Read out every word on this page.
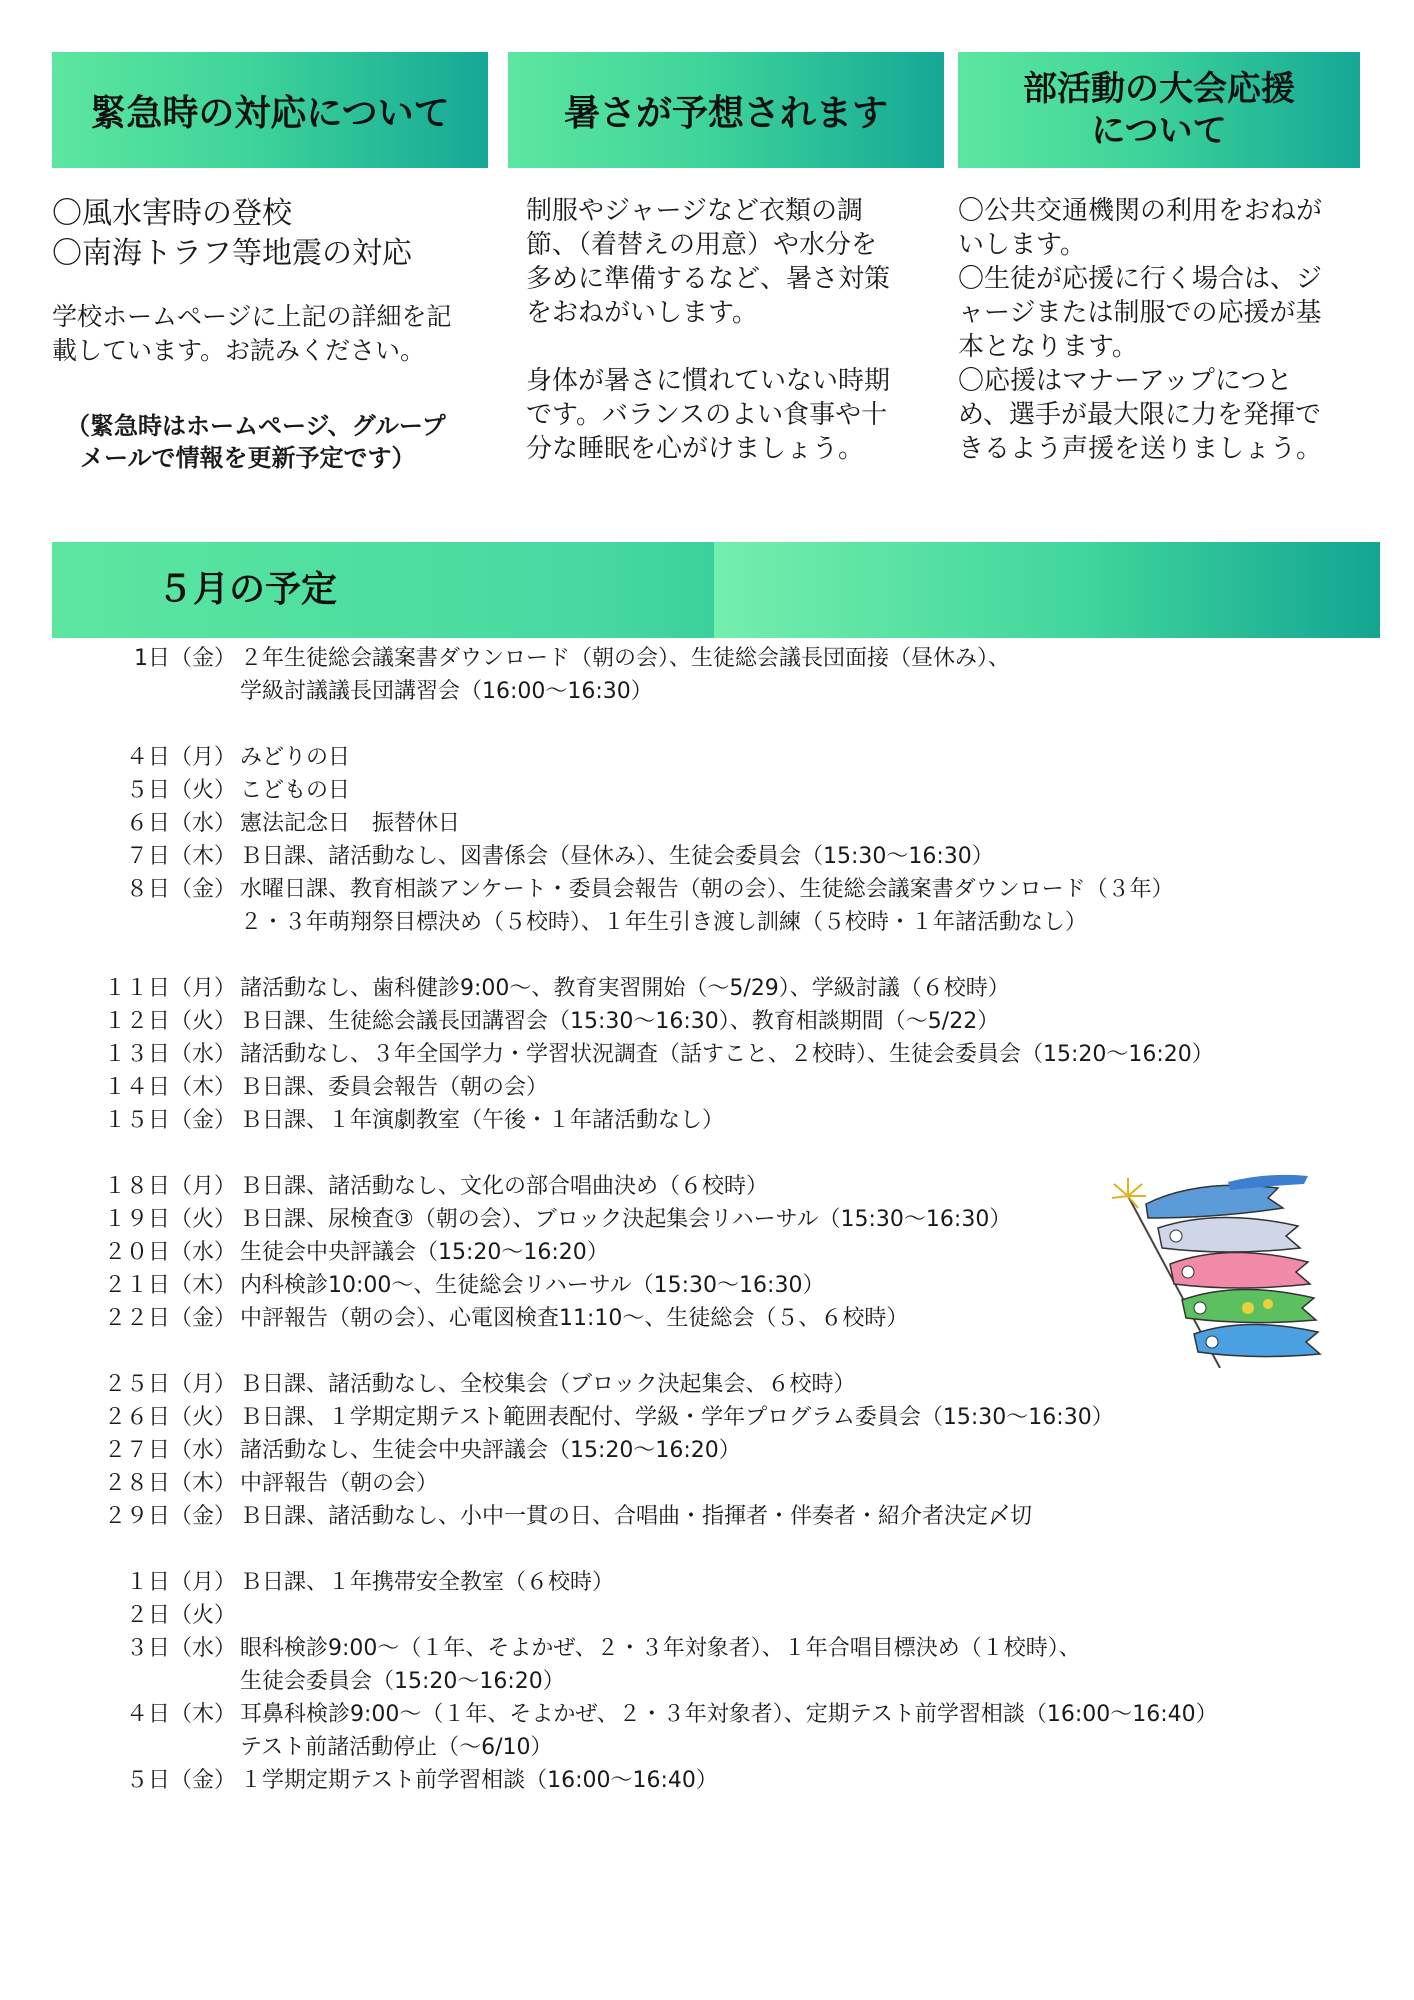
緊急時の対応について	暑さが予想されます
部活動の大会応援
について
〇風水害時の登校
〇南海トラフ等地震の対応
学校ホームページに上記の詳細を記
載しています。お読みください。
（緊急時はホームページ、グループ
メールで情報を更新予定です）
制服やジャージなど衣類の調
節、（着替えの用意）や水分を
多めに準備するなど、暑さ対策
をおねがいします。
身体が暑さに慣れていない時期
です。バランスのよい食事や十
分な睡眠を心がけましょう。
〇公共交通機関の利用をおねが
いします。
〇生徒が応援に行く場合は、ジ
ャージまたは制服での応援が基
本となります。
〇応援はマナーアップにつと
め、選手が最大限に力を発揮で
きるよう声援を送りましょう。
５月の予定
1日（金） ２年生徒総会議案書ダウンロード（朝の会）、生徒総会議長団面接（昼休み）、
学級討議議長団講習会（16:00～16:30）
４日（月） みどりの日
５日（火） こどもの日
６日（水） 憲法記念日　振替休日
７日（木） Ｂ日課、諸活動なし、図書係会（昼休み）、生徒会委員会（15:30～16:30）
８日（金） 水曜日課、教育相談アンケート・委員会報告（朝の会）、生徒総会議案書ダウンロード（３年）
２・３年萌翔祭目標決め（５校時）、１年生引き渡し訓練（５校時・１年諸活動なし）
１１日（月） 諸活動なし、歯科健診9:00～、教育実習開始（～5/29）、学級討議（６校時）
１２日（火） Ｂ日課、生徒総会議長団講習会（15:30～16:30）、教育相談期間（～5/22）
１３日（水） 諸活動なし、３年全国学力・学習状況調査（話すこと、２校時）、生徒会委員会（15:20～16:20）
１４日（木） Ｂ日課、委員会報告（朝の会）
１５日（金） Ｂ日課、１年演劇教室（午後・１年諸活動なし）
１８日（月） Ｂ日課、諸活動なし、文化の部合唱曲決め（６校時）
１９日（火） Ｂ日課、尿検査③（朝の会）、ブロック決起集会リハーサル（15:30～16:30）
２０日（水） 生徒会中央評議会（15:20～16:20）
２１日（木） 内科検診10:00～、生徒総会リハーサル（15:30～16:30）
２２日（金） 中評報告（朝の会）、心電図検査11:10～、生徒総会（５、６校時）
２５日（月） Ｂ日課、諸活動なし、全校集会（ブロック決起集会、６校時）
２６日（火） Ｂ日課、１学期定期テスト範囲表配付、学級・学年プログラム委員会（15:30～16:30）
２７日（水） 諸活動なし、生徒会中央評議会（15:20～16:20）
２８日（木） 中評報告（朝の会）
２９日（金） Ｂ日課、諸活動なし、小中一貫の日、合唱曲・指揮者・伴奏者・紹介者決定〆切
１日（月） Ｂ日課、１年携帯安全教室（６校時）
２日（火）
３日（水） 眼科検診9:00～（１年、そよかぜ、２・３年対象者）、１年合唱目標決め（１校時）、
生徒会委員会（15:20～16:20）
４日（木） 耳鼻科検診9:00～（１年、そよかぜ、２・３年対象者）、定期テスト前学習相談（16:00～16:40）
テスト前諸活動停止（～6/10）
５日（金） １学期定期テスト前学習相談（16:00～16:40）
